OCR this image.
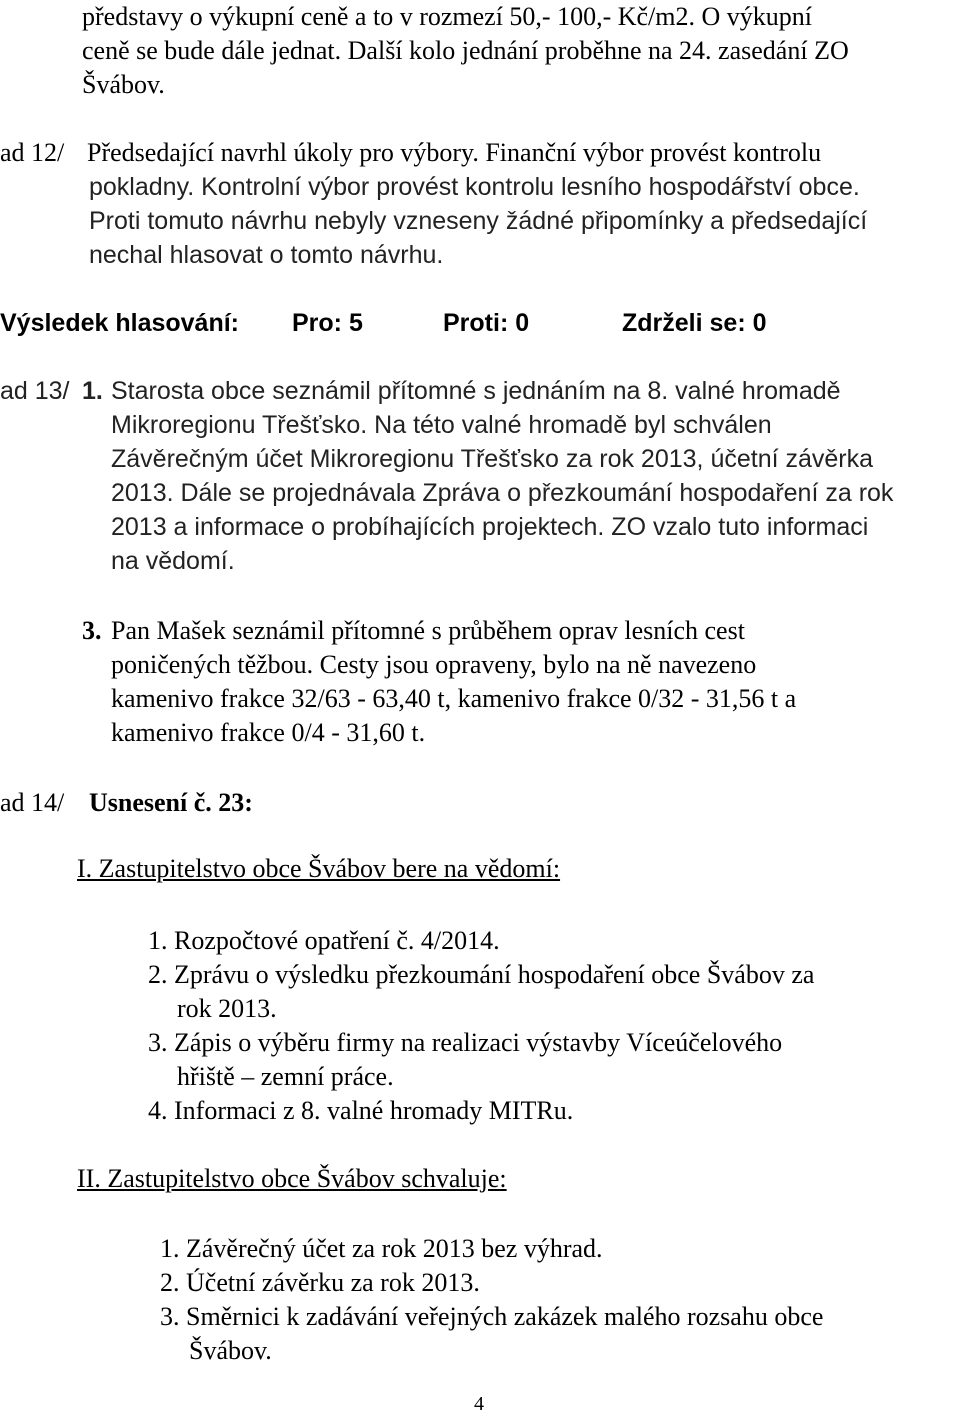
představy o výkupní ceně a to v rozmezí 50,- 100,- Kč/m2. O výkupní
ceně se bude dále jednat. Další kolo jednání proběhne na 24. zasedání ZO
Švábov.
ad 12/ Předsedající navrhl úkoly pro výbory. Finanční výbor provést kontrolu
pokladny. Kontrolní výbor provést kontrolu lesního hospodářství obce.
Proti tomuto návrhu nebyly vzneseny žádné připomínky a předsedající
nechal hlasovat o tomto návrhu.
Výsledek hlasování: Pro: 5	Proti: 0	Zdrželi se: 0
ad 13/ 1. Starosta obce seznámil přítomné s jednáním na 8. valné hromadě
Mikroregionu Třešťsko. Na této valné hromadě byl schválen
Závěrečným účet Mikroregionu Třešťsko za rok 2013, účetní závěrka
2013. Dále se projednávala Zpráva o přezkoumání hospodaření za rok
2013 a informace o probíhajících projektech. ZO vzalo tuto informaci
na vědomí.
3. Pan Mašek seznámil přítomné s průběhem oprav lesních cest
poničených těžbou. Cesty jsou opraveny, bylo na ně navezeno
kamenivo frakce 32/63 - 63,40 t, kamenivo frakce 0/32 - 31,56 t a
kamenivo frakce 0/4 - 31,60 t.
ad 14/ Usnesení č. 23:
I. Zastupitelstvo obce Švábov bere na vědomí:
1. Rozpočtové opatření č. 4/2014.
2. Zprávu o výsledku přezkoumání hospodaření obce Švábov za
rok 2013.
3. Zápis o výběru firmy na realizaci výstavby Víceúčelového
hřiště – zemní práce.
4. Informaci z 8. valné hromady MITRu.
II. Zastupitelstvo obce Švábov schvaluje:
1. Závěrečný účet za rok 2013 bez výhrad.
2. Účetní závěrku za rok 2013.
3. Směrnici k zadávání veřejných zakázek malého rozsahu obce
Švábov.
4
